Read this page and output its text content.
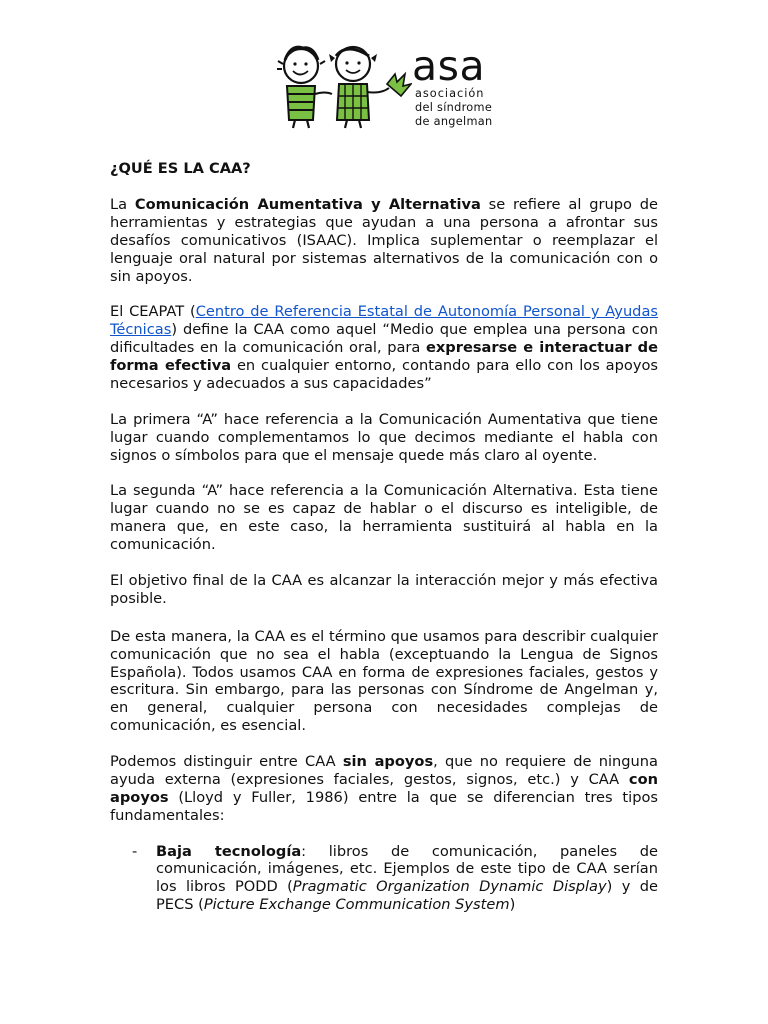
asa
asociación
del síndrome
de angelman
¿QUÉ ES LA CAA?

La Comunicación Aumentativa y Alternativa se refiere al grupo de herramientas y estrategias que ayudan a una persona a afrontar sus desafíos comunicativos (ISAAC). Implica suplementar o reemplazar el lenguaje oral natural por sistemas alternativos de la comunicación con o sin apoyos.

El CEAPAT (Centro de Referencia Estatal de Autonomía Personal y Ayudas Técnicas) define la CAA como aquel “Medio que emplea una persona con dificultades en la comunicación oral, para expresarse e interactuar de forma efectiva en cualquier entorno, contando para ello con los apoyos necesarios y adecuados a sus capacidades”

La primera “A” hace referencia a la Comunicación Aumentativa que tiene lugar cuando complementamos lo que decimos mediante el habla con signos o símbolos para que el mensaje quede más claro al oyente.

La segunda “A” hace referencia a la Comunicación Alternativa. Esta tiene lugar cuando no se es capaz de hablar o el discurso es inteligible, de manera que, en este caso, la herramienta sustituirá al habla en la comunicación.

El objetivo final de la CAA es alcanzar la interacción mejor y más efectiva posible.

De esta manera, la CAA es el término que usamos para describir cualquier comunicación que no sea el habla (exceptuando la Lengua de Signos Española). Todos usamos CAA en forma de expresiones faciales, gestos y escritura. Sin embargo, para las personas con Síndrome de Angelman y, en general, cualquier persona con necesidades complejas de comunicación, es esencial.

Podemos distinguir entre CAA sin apoyos, que no requiere de ninguna ayuda externa (expresiones faciales, gestos, signos, etc.) y CAA con apoyos (Lloyd y Fuller, 1986) entre la que se diferencian tres tipos fundamentales:

- Baja tecnología: libros de comunicación, paneles de comunicación, imágenes, etc. Ejemplos de este tipo de CAA serían los libros PODD (Pragmatic Organization Dynamic Display) y de PECS (Picture Exchange Communication System)
